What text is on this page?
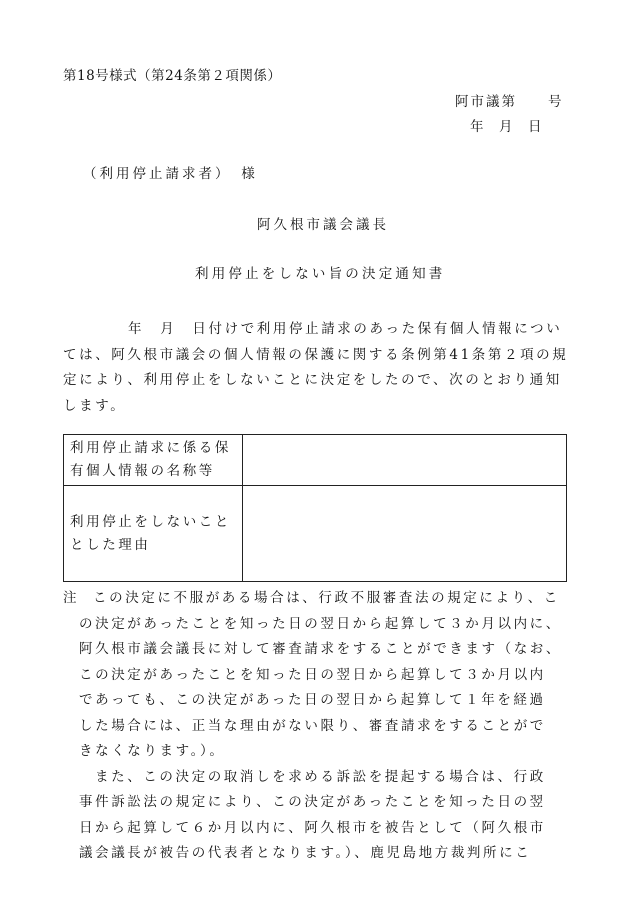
第18号様式（第24条第２項関係）
阿市議第　　号
年　月　日
（利用停止請求者）　様
阿久根市議会議長
利用停止をしない旨の決定通知書
年　月　日付けで利用停止請求のあった保有個人情報につい
ては、阿久根市議会の個人情報の保護に関する条例第41条第２項の規
定により、利用停止をしないことに決定をしたので、次のとおり通知
します。
利用停止請求に係る保
有個人情報の名称等
利用停止をしないこと
とした理由
注 この決定に不服がある場合は、行政不服審査法の規定により、こ
の決定があったことを知った日の翌日から起算して３か月以内に、
阿久根市議会議長に対して審査請求をすることができます（なお、
この決定があったことを知った日の翌日から起算して３か月以内
であっても、この決定があった日の翌日から起算して１年を経過
した場合には、正当な理由がない限り、審査請求をすることがで
きなくなります。）。
また、この決定の取消しを求める訴訟を提起する場合は、行政
事件訴訟法の規定により、この決定があったことを知った日の翌
日から起算して６か月以内に、阿久根市を被告として（阿久根市
議会議長が被告の代表者となります。）、鹿児島地方裁判所にこ
